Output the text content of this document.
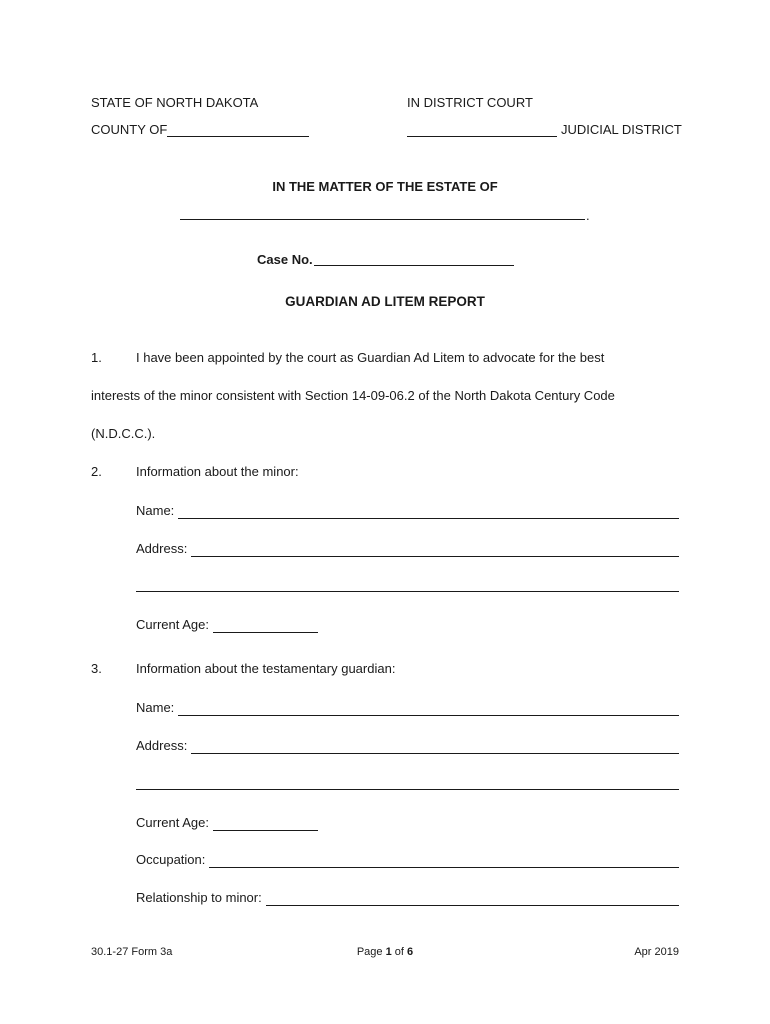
STATE OF NORTH DAKOTA	IN DISTRICT COURT
COUNTY OF	JUDICIAL DISTRICT
IN THE MATTER OF THE ESTATE OF
.
Case No.
GUARDIAN AD LITEM REPORT
1.	I have been appointed by the court as Guardian Ad Litem to advocate for the best
interests of the minor consistent with Section 14-09-06.2 of the North Dakota Century Code
(N.D.C.C.).
2.	Information about the minor:
Name:
Address:
Current Age:
3.	Information about the testamentary guardian:
Name:
Address:
Current Age:
Occupation:
Relationship to minor:
30.1-27 Form 3a	Page 1 of 6	Apr 2019
